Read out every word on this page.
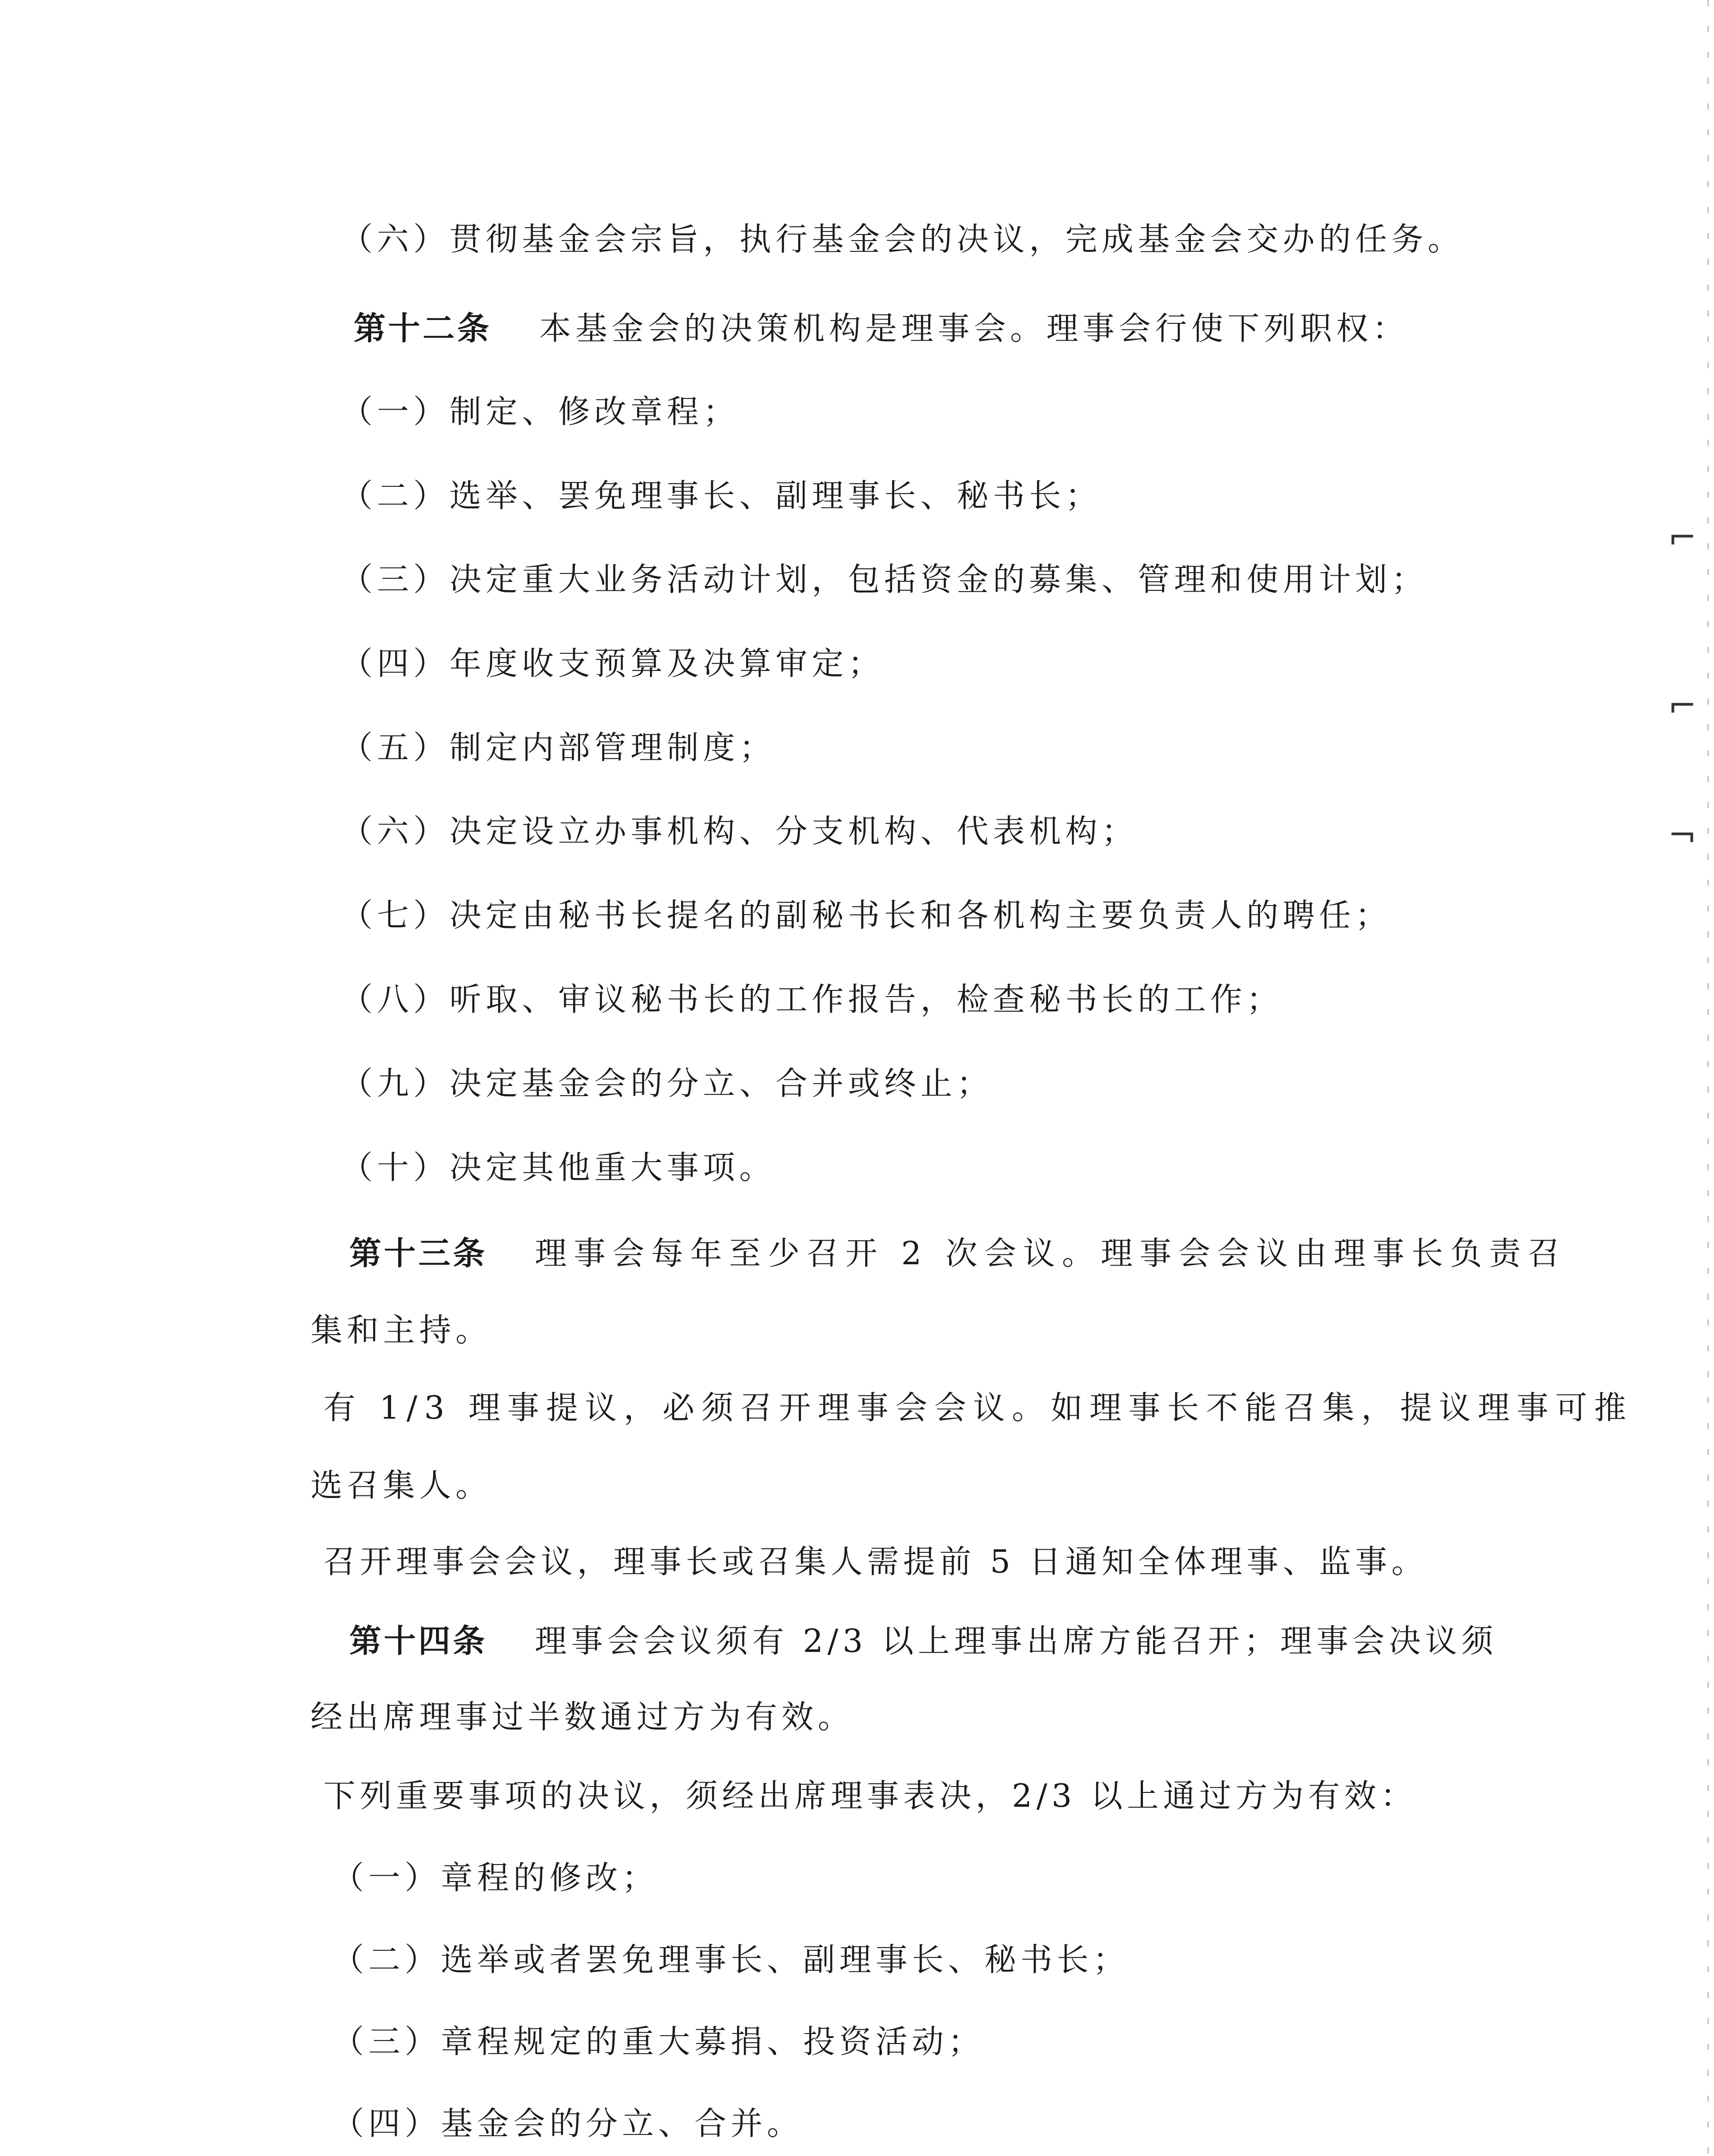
（六）贯彻基金会宗旨，执行基金会的决议，完成基金会交办的任务。
第十二条 本基金会的决策机构是理事会。理事会行使下列职权：
（一）制定、修改章程；
（二）选举、罢免理事长、副理事长、秘书长；
（三）决定重大业务活动计划，包括资金的募集、管理和使用计划；
（四）年度收支预算及决算审定；
（五）制定内部管理制度；
（六）决定设立办事机构、分支机构、代表机构；
（七）决定由秘书长提名的副秘书长和各机构主要负责人的聘任；
（八）听取、审议秘书长的工作报告，检查秘书长的工作；
（九）决定基金会的分立、合并或终止；
（十）决定其他重大事项。
第十三条 理事会每年至少召开 2 次会议。理事会会议由理事长负责召
集和主持。
有 1/3 理事提议，必须召开理事会会议。如理事长不能召集，提议理事可推
选召集人。
召开理事会会议，理事长或召集人需提前 5 日通知全体理事、监事。
第十四条 理事会会议须有 2/3 以上理事出席方能召开；理事会决议须
经出席理事过半数通过方为有效。
下列重要事项的决议，须经出席理事表决，2/3 以上通过方为有效：
（一）章程的修改；
（二）选举或者罢免理事长、副理事长、秘书长；
（三）章程规定的重大募捐、投资活动；
（四）基金会的分立、合并。
⌐
⌐
¬
